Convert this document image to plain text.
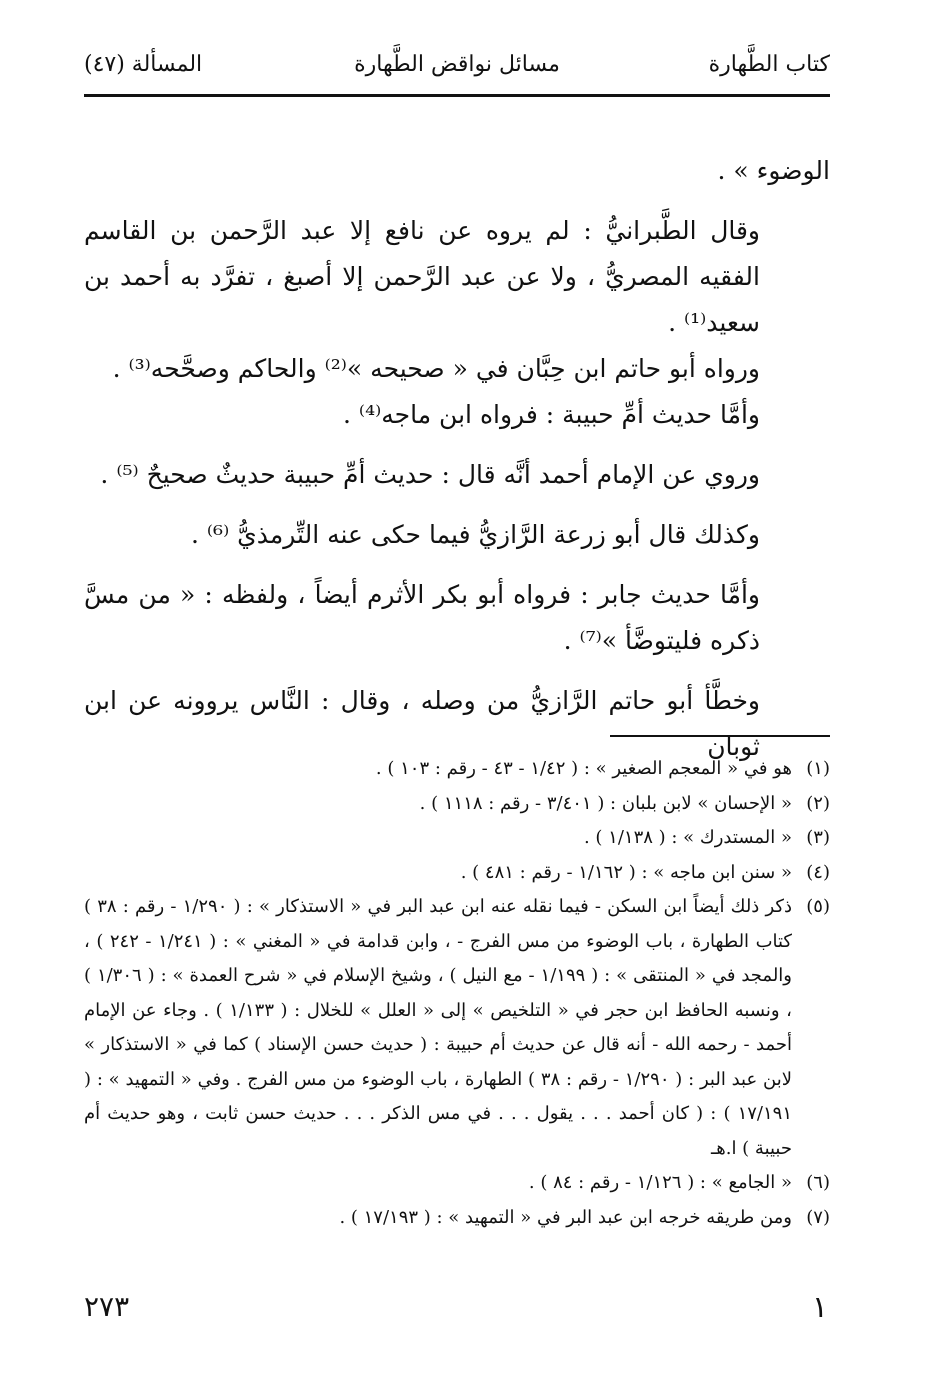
كتاب الطَّهارة
مسائل نواقض الطَّهارة
المسألة (٤٧)

الوضوء » .

وقال الطَّبرانيُّ : لم يروه عن نافع إلا عبد الرَّحمن بن القاسم الفقيه المصريُّ ، ولا عن عبد الرَّحمن إلا أصبغ ، تفرَّد به أحمد بن سعيد⁽¹⁾ .

ورواه أبو حاتم ابن حِبَّان في « صحيحه »⁽²⁾ والحاكم وصحَّحه⁽³⁾ .

وأمَّا حديث أمِّ حبيبة : فرواه ابن ماجه⁽⁴⁾ .

وروي عن الإمام أحمد أنَّه قال : حديث أمِّ حبيبة حديثٌ صحيحٌ ⁽⁵⁾ .

وكذلك قال أبو زرعة الرَّازيُّ فيما حكى عنه التِّرمذيُّ ⁽⁶⁾ .

وأمَّا حديث جابر : فرواه أبو بكر الأثرم أيضاً ، ولفظه : « من مسَّ ذكره فليتوضَّأ »⁽⁷⁾ .

وخطَّأ أبو حاتم الرَّازيُّ من وصله ، وقال : النَّاس يروونه عن ابن ثوبان

(١)
هو في « المعجم الصغير » : ( ١/٤٢ - ٤٣ - رقم : ١٠٣ ) .
(٢)
« الإحسان » لابن بلبان : ( ٣/٤٠١ - رقم : ١١١٨ ) .
(٣)
« المستدرك » : ( ١/١٣٨ ) .
(٤)
« سنن ابن ماجه » : ( ١/١٦٢ - رقم : ٤٨١ ) .
(٥)
ذكر ذلك أيضاً ابن السكن - فيما نقله عنه ابن عبد البر في « الاستذكار » : ( ١/٢٩٠ - رقم : ٣٨ ) كتاب الطهارة ، باب الوضوء من مس الفرج - ، وابن قدامة في « المغني » : ( ١/٢٤١ - ٢٤٢ ) ، والمجد في « المنتقى » : ( ١/١٩٩ - مع النيل ) ، وشيخ الإسلام في « شرح العمدة » : ( ١/٣٠٦ ) ، ونسبه الحافظ ابن حجر في « التلخيص » إلى « العلل » للخلال : ( ١/١٣٣ ) . وجاء عن الإمام أحمد - رحمه الله - أنه قال عن حديث أم حبيبة : ( حديث حسن الإسناد ) كما في « الاستذكار » لابن عبد البر : ( ١/٢٩٠ - رقم : ٣٨ ) الطهارة ، باب الوضوء من مس الفرج . وفي « التمهيد » : ( ١٧/١٩١ ) : ( كان أحمد . . . يقول . . . في مس الذكر . . . حديث حسن ثابت ، وهو حديث أم حبيبة ) ا.هـ
(٦)
« الجامع » : ( ١/١٢٦ - رقم : ٨٤ ) .
(٧)
ومن طريقه خرجه ابن عبد البر في « التمهيد » : ( ١٧/١٩٣ ) .
٢٧٣	١
